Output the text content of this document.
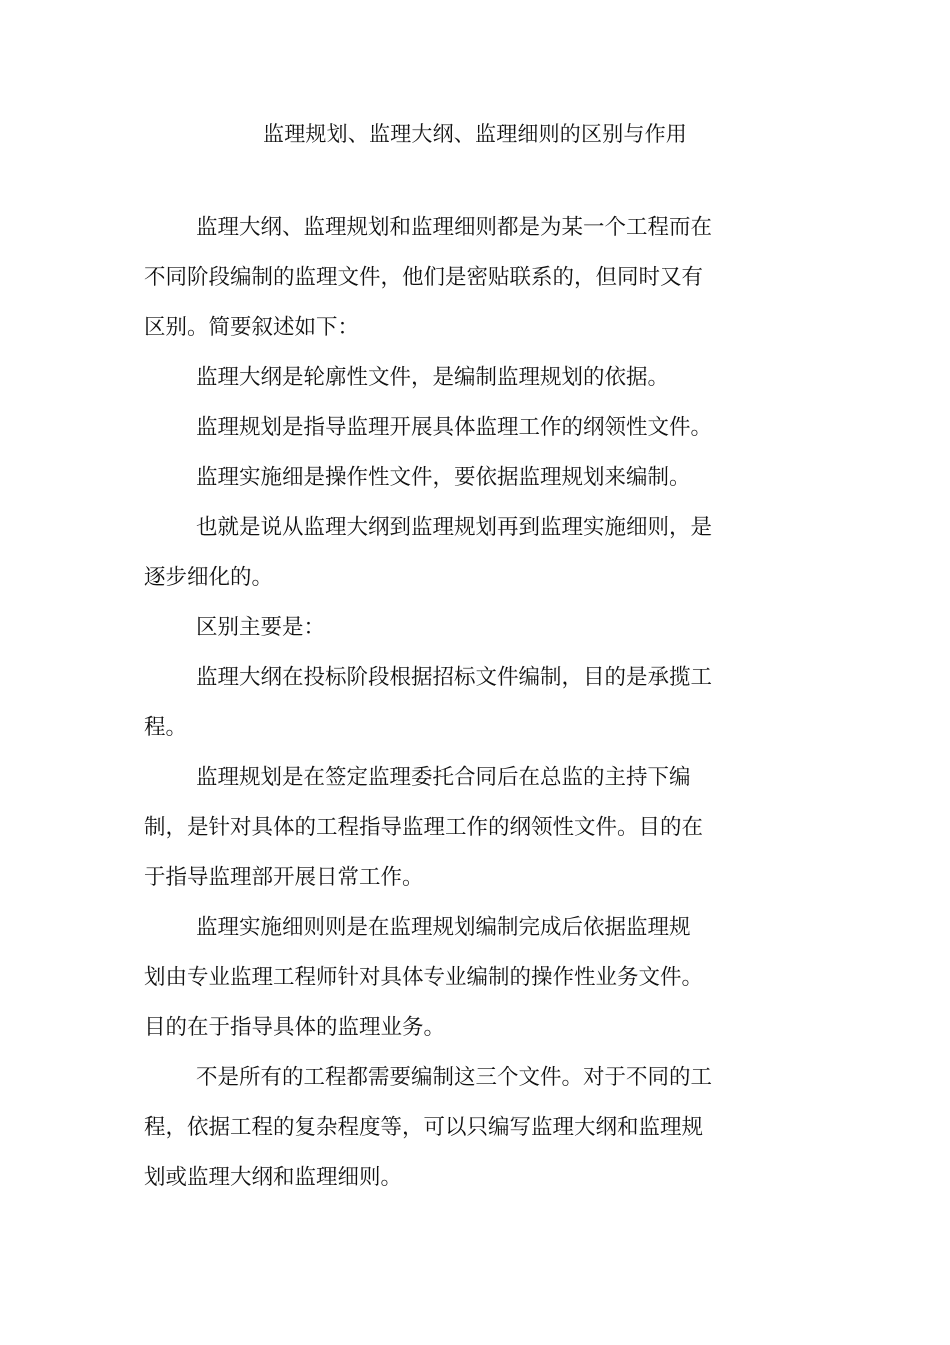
监理规划、监理大纲、监理细则的区别与作用

监理大纲、监理规划和监理细则都是为某一个工程而在
不同阶段编制的监理文件，他们是密贴联系的，但同时又有
区别。简要叙述如下：

监理大纲是轮廓性文件，是编制监理规划的依据。

监理规划是指导监理开展具体监理工作的纲领性文件。

监理实施细是操作性文件，要依据监理规划来编制。

也就是说从监理大纲到监理规划再到监理实施细则，是
逐步细化的。

区别主要是：

监理大纲在投标阶段根据招标文件编制，目的是承揽工
程。

监理规划是在签定监理委托合同后在总监的主持下编
制，是针对具体的工程指导监理工作的纲领性文件。目的在
于指导监理部开展日常工作。

监理实施细则则是在监理规划编制完成后依据监理规
划由专业监理工程师针对具体专业编制的操作性业务文件。
目的在于指导具体的监理业务。

不是所有的工程都需要编制这三个文件。对于不同的工
程，依据工程的复杂程度等，可以只编写监理大纲和监理规
划或监理大纲和监理细则。
